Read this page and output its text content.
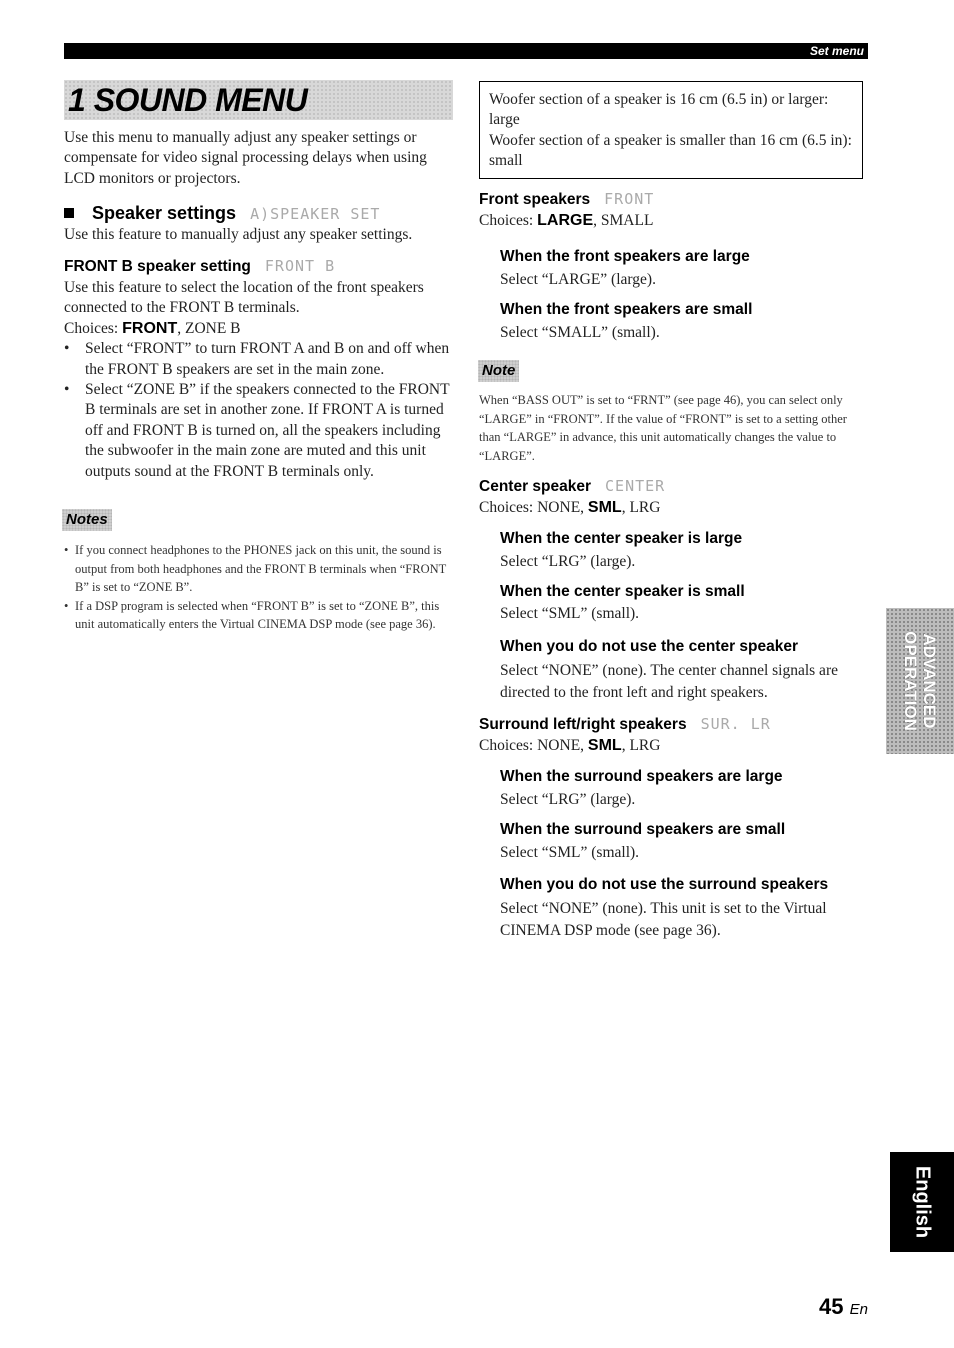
Set menu
1 SOUND MENU
Use this menu to manually adjust any speaker settings or compensate for video signal processing delays when using LCD monitors or projectors.
Speaker settings A)SPEAKER SET
Use this feature to manually adjust any speaker settings.
FRONT B speaker setting FRONT B
Use this feature to select the location of the front speakers connected to the FRONT B terminals.
Choices: FRONT, ZONE B
• Select “FRONT” to turn FRONT A and B on and off when the FRONT B speakers are set in the main zone.
• Select “ZONE B” if the speakers connected to the FRONT B terminals are set in another zone. If FRONT A is turned off and FRONT B is turned on, all the speakers including the subwoofer in the main zone are muted and this unit outputs sound at the FRONT B terminals only.
Notes
• If you connect headphones to the PHONES jack on this unit, the sound is output from both headphones and the FRONT B terminals when “FRONT B” is set to “ZONE B”.
• If a DSP program is selected when “FRONT B” is set to “ZONE B”, this unit automatically enters the Virtual CINEMA DSP mode (see page 36).
Woofer section of a speaker is 16 cm (6.5 in) or larger: large
Woofer section of a speaker is smaller than 16 cm (6.5 in): small
Front speakers FRONT
Choices: LARGE, SMALL
When the front speakers are large
Select “LARGE” (large).
When the front speakers are small
Select “SMALL” (small).
Note
When “BASS OUT” is set to “FRNT” (see page 46), you can select only “LARGE” in “FRONT”. If the value of “FRONT” is set to a setting other than “LARGE” in advance, this unit automatically changes the value to “LARGE”.
Center speaker CENTER
Choices: NONE, SML, LRG
When the center speaker is large
Select “LRG” (large).
When the center speaker is small
Select “SML” (small).
When you do not use the center speaker
Select “NONE” (none). The center channel signals are directed to the front left and right speakers.
Surround left/right speakers SUR. LR
Choices: NONE, SML, LRG
When the surround speakers are large
Select “LRG” (large).
When the surround speakers are small
Select “SML” (small).
When you do not use the surround speakers
Select “NONE” (none). This unit is set to the Virtual CINEMA DSP mode (see page 36).
ADVANCED OPERATION
English
45 En
